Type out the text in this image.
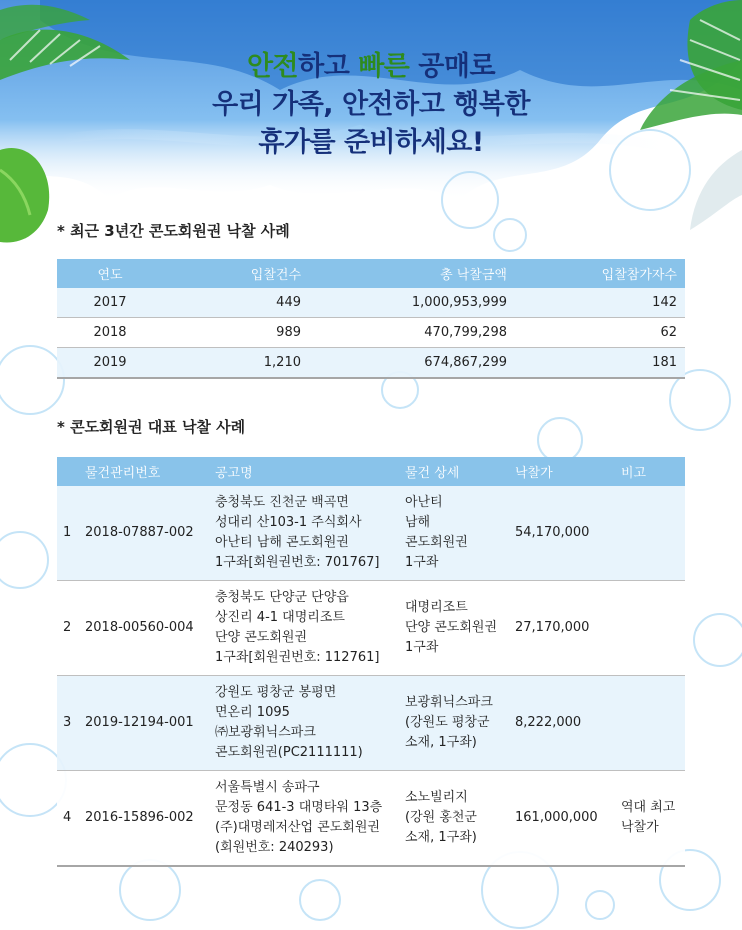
안전하고 빠른 공매로
우리 가족, 안전하고 행복한
휴가를 준비하세요!
* 최근 3년간 콘도회원권 낙찰 사례
연도	입찰건수	총 낙찰금액	입찰참가자수
2017	449	1,000,953,999	142
2018	989	470,799,298	62
2019	1,210	674,867,299	181
* 콘도회원권 대표 낙찰 사례
	물건관리번호	공고명	물건 상세	낙찰가	비고
1	2018-07887-002	충청북도 진천군 백곡면
성대리 산103-1 주식회사
아난티 남해 콘도회원권
1구좌[회원권번호: 701767]	아난티
남해
콘도회원권
1구좌	54,170,000	
2	2018-00560-004	충청북도 단양군 단양읍
상진리 4-1 대명리조트
단양 콘도회원권
1구좌[회원권번호: 112761]	대명리조트
단양 콘도회원권
1구좌	27,170,000	
3	2019-12194-001	강원도 평창군 봉평면
면온리 1095
㈜보광휘닉스파크
콘도회원권(PC2111111)	보광휘닉스파크
(강원도 평창군
소재, 1구좌)	8,222,000	
4	2016-15896-002	서울특별시 송파구
문정동 641-3 대명타워 13층
(주)대명레저산업 콘도회원권
(회원번호: 240293)	소노빌리지
(강원 홍천군
소재, 1구좌)	161,000,000	역대 최고
낙찰가
